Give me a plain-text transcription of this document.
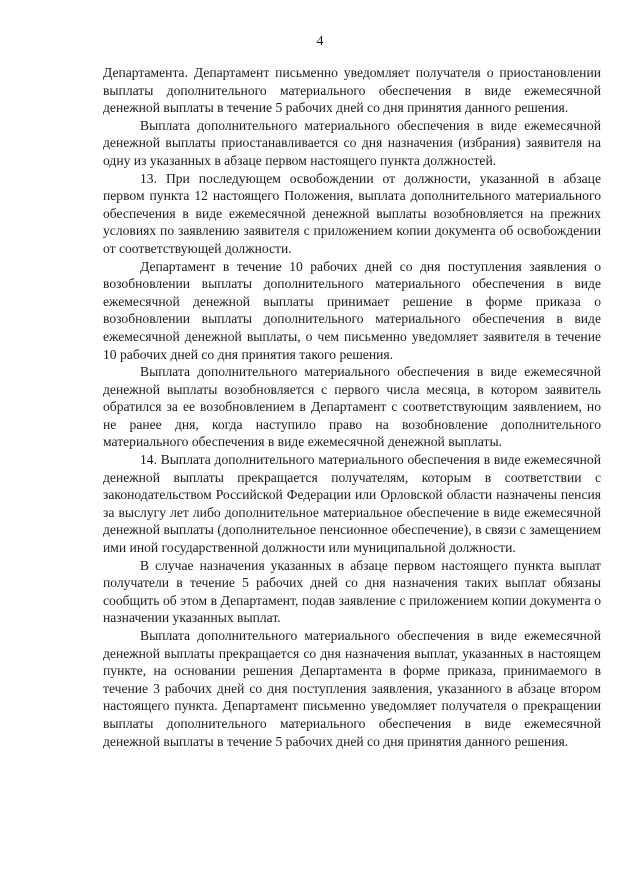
4

Департамента. Департамент письменно уведомляет получателя о приостановлении выплаты дополнительного материального обеспечения в виде ежемесячной денежной выплаты в течение 5 рабочих дней со дня принятия данного решения.

Выплата дополнительного материального обеспечения в виде ежемесячной денежной выплаты приостанавливается со дня назначения (избрания) заявителя на одну из указанных в абзаце первом настоящего пункта должностей.

13. При последующем освобождении от должности, указанной в абзаце первом пункта 12 настоящего Положения, выплата дополнительного материального обеспечения в виде ежемесячной денежной выплаты возобновляется на прежних условиях по заявлению заявителя с приложением копии документа об освобождении от соответствующей должности.

Департамент в течение 10 рабочих дней со дня поступления заявления о возобновлении выплаты дополнительного материального обеспечения в виде ежемесячной денежной выплаты принимает решение в форме приказа о возобновлении выплаты дополнительного материального обеспечения в виде ежемесячной денежной выплаты, о чем письменно уведомляет заявителя в течение 10 рабочих дней со дня принятия такого решения.

Выплата дополнительного материального обеспечения в виде ежемесячной денежной выплаты возобновляется с первого числа месяца, в котором заявитель обратился за ее возобновлением в Департамент с соответствующим заявлением, но не ранее дня, когда наступило право на возобновление дополнительного материального обеспечения в виде ежемесячной денежной выплаты.

14. Выплата дополнительного материального обеспечения в виде ежемесячной денежной выплаты прекращается получателям, которым в соответствии с законодательством Российской Федерации или Орловской области назначены пенсия за выслугу лет либо дополнительное материальное обеспечение в виде ежемесячной денежной выплаты (дополнительное пенсионное обеспечение), в связи с замещением ими иной государственной должности или муниципальной должности.

В случае назначения указанных в абзаце первом настоящего пункта выплат получатели в течение 5 рабочих дней со дня назначения таких выплат обязаны сообщить об этом в Департамент, подав заявление с приложением копии документа о назначении указанных выплат.

Выплата дополнительного материального обеспечения в виде ежемесячной денежной выплаты прекращается со дня назначения выплат, указанных в настоящем пункте, на основании решения Департамента в форме приказа, принимаемого в течение 3 рабочих дней со дня поступления заявления, указанного в абзаце втором настоящего пункта. Департамент письменно уведомляет получателя о прекращении выплаты дополнительного материального обеспечения в виде ежемесячной денежной выплаты в течение 5 рабочих дней со дня принятия данного решения.
